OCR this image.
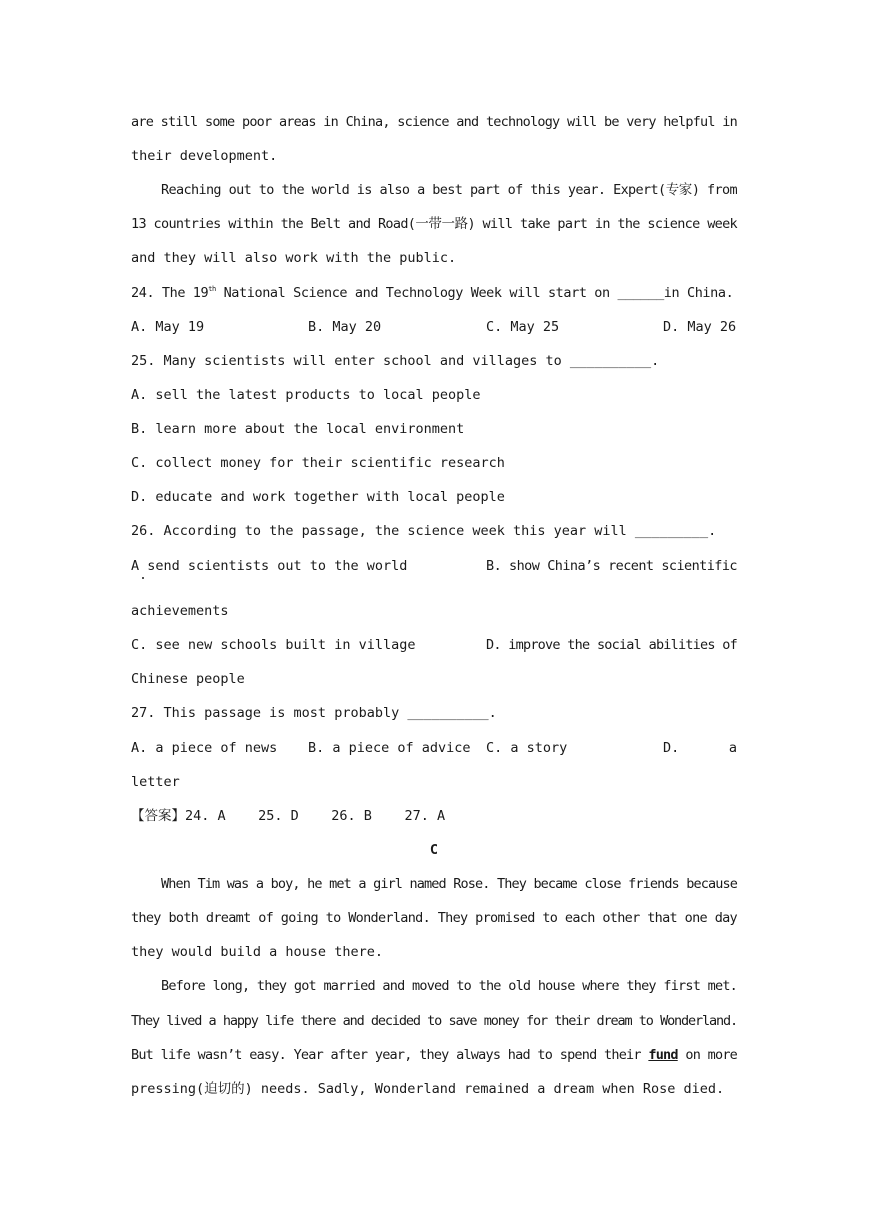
are still some poor areas in China, science and technology will be very helpful in
their development.
Reaching out to the world is also a best part of this year. Expert(专家) from
13 countries within the Belt and Road(一带一路) will take part in the science week
and they will also work with the public.
24. The 19th National Science and Technology Week will start on ______in China.
A. May 19	B. May 20	C. May 25	D. May 26
25. Many scientists will enter school and villages to __________.
A. sell the latest products to local people
B. learn more about the local environment
C. collect money for their scientific research
D. educate and work together with local people
26. According to the passage, the science week this year will _________.
A send scientists out to the world	B. show China’s recent scientific
achievements
C. see new schools built in village	D. improve the social abilities of
Chinese people
27. This passage is most probably __________.
A. a piece of news B. a piece of advice C. a story	D. a
letter
【答案】24. A    25. D    26. B    27. A
C
When Tim was a boy, he met a girl named Rose. They became close friends because
they both dreamt of going to Wonderland. They promised to each other that one day
they would build a house there.
Before long, they got married and moved to the old house where they first met.
They lived a happy life there and decided to save money for their dream to Wonderland.
But life wasn’t easy. Year after year, they always had to spend their fund on more
pressing(迫切的) needs. Sadly, Wonderland remained a dream when Rose died.
